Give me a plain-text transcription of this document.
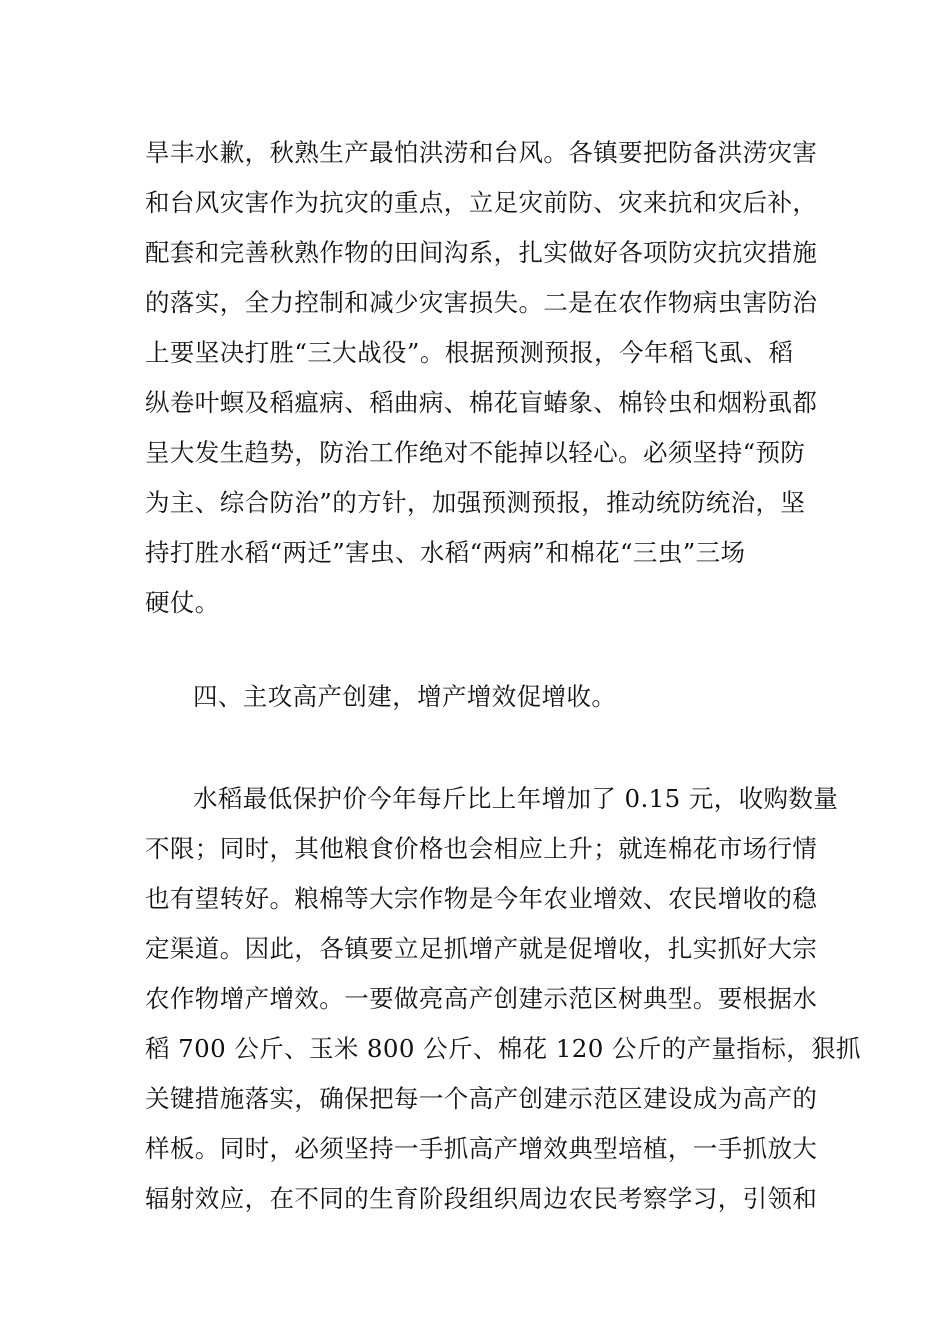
旱丰水歉，秋熟生产最怕洪涝和台风。各镇要把防备洪涝灾害
和台风灾害作为抗灾的重点，立足灾前防、灾来抗和灾后补，
配套和完善秋熟作物的田间沟系，扎实做好各项防灾抗灾措施
的落实，全力控制和减少灾害损失。二是在农作物病虫害防治
上要坚决打胜“三大战役”。根据预测预报，今年稻飞虱、稻
纵卷叶螟及稻瘟病、稻曲病、棉花盲蝽象、棉铃虫和烟粉虱都
呈大发生趋势，防治工作绝对不能掉以轻心。必须坚持“预防
为主、综合防治”的方针，加强预测预报，推动统防统治，坚
持打胜水稻“两迁”害虫、水稻“两病”和棉花“三虫”三场
硬仗。
四、主攻高产创建，增产增效促增收。
水稻最低保护价今年每斤比上年增加了 0.15 元，收购数量
不限；同时，其他粮食价格也会相应上升；就连棉花市场行情
也有望转好。粮棉等大宗作物是今年农业增效、农民增收的稳
定渠道。因此，各镇要立足抓增产就是促增收，扎实抓好大宗
农作物增产增效。一要做亮高产创建示范区树典型。要根据水
稻 700 公斤、玉米 800 公斤、棉花 120 公斤的产量指标，狠抓
关键措施落实，确保把每一个高产创建示范区建设成为高产的
样板。同时，必须坚持一手抓高产增效典型培植，一手抓放大
辐射效应，在不同的生育阶段组织周边农民考察学习，引领和
